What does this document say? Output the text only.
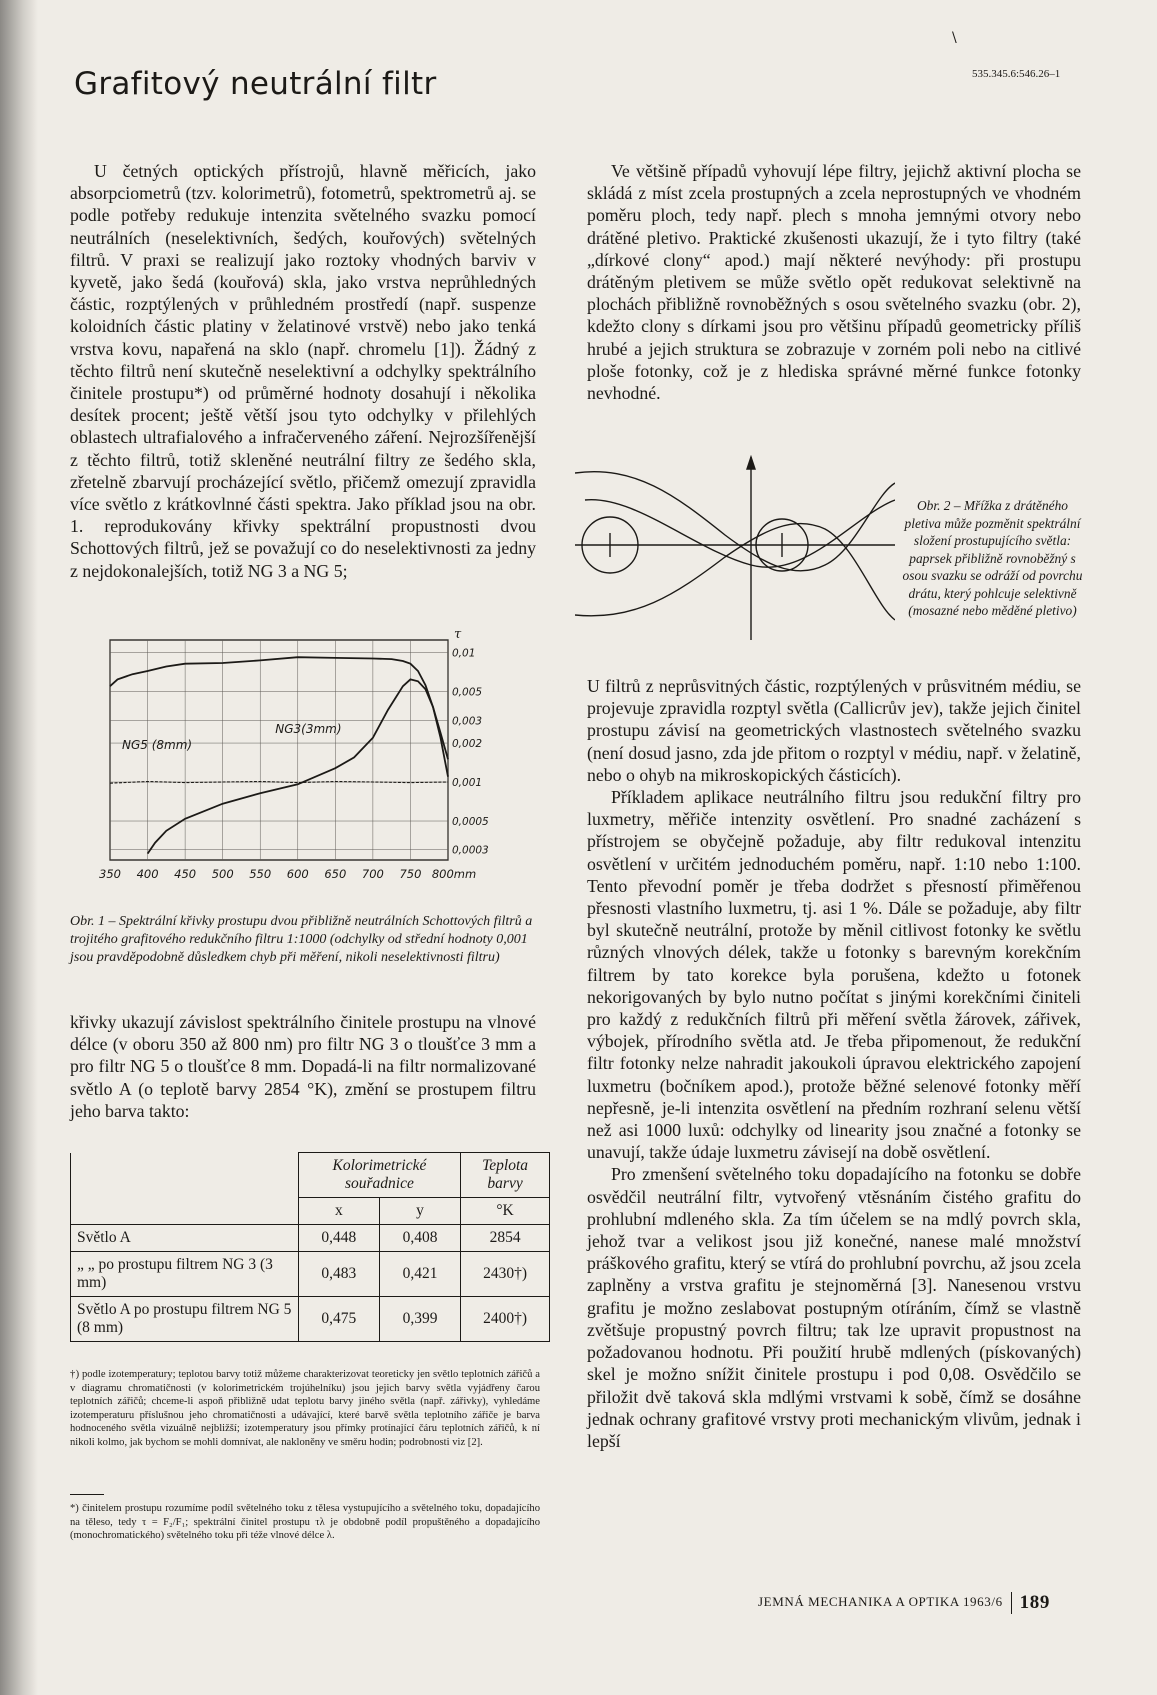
\
Grafitový neutrální filtr	535.345.6:546.26–1

U četných optických přístrojů, hlavně měřicích, jako absorpciometrů (tzv. kolorimetrů), fotometrů, spektrometrů aj. se podle potřeby redukuje intenzita světelného svazku pomocí neutrálních (neselektivních, šedých, kouřových) světelných filtrů. V praxi se realizují jako roztoky vhodných barviv v kyvetě, jako šedá (kouřová) skla, jako vrstva neprůhledných částic, rozptýlených v průhledném prostředí (např. suspenze koloidních částic platiny v želatinové vrstvě) nebo jako tenká vrstva kovu, napařená na sklo (např. chromelu [1]). Žádný z těchto filtrů není skutečně neselektivní a odchylky spektrálního činitele prostupu*) od průměrné hodnoty dosahují i několika desítek procent; ještě větší jsou tyto odchylky v přilehlých oblastech ultrafialového a infračerveného záření. Nejrozšířenější z těchto filtrů, totiž skleněné neutrální filtry ze šedého skla, zřetelně zbarvují procházející světlo, přičemž omezují zpravidla více světlo z krátkovlnné části spektra. Jako příklad jsou na obr. 1. reprodukovány křivky spektrální propustnosti dvou Schottových filtrů, jež se považují co do neselektivnosti za jedny z nejdokonalejších, totiž NG 3 a NG 5;

350 400 450 500 550 600 650 700 750 800mm
0,01
0,005
0,003
0,002
0,001
0,0005
0,0003
τ
NG5 (8mm)
NG3(3mm)
Obr. 1 – Spektrální křivky prostupu dvou přibližně neutrálních Schottových filtrů a trojitého grafitového redukčního filtru 1:1000 (odchylky od střední hodnoty 0,001 jsou pravděpodobně důsledkem chyb při měření, nikoli neselektivnosti filtru)

křivky ukazují závislost spektrálního činitele prostupu na vlnové délce (v oboru 350 až 800 nm) pro filtr NG 3 o tloušťce 3 mm a pro filtr NG 5 o tloušťce 8 mm. Dopadá-li na filtr normalizované světlo A (o teplotě barvy 2854 °K), změní se prostupem filtru jeho barva takto:

	Kolorimetrické souřadnice		Teplota barvy
	x	y	°K
Světlo A	0,448	0,408	2854
„ „ po prostupu filtrem NG 3 (3 mm)	0,483	0,421	2430†)
Světlo A po prostupu filtrem NG 5 (8 mm)	0,475	0,399	2400†)
†) podle izotemperatury; teplotou barvy totiž můžeme charakterizovat teoreticky jen světlo teplotních zářičů a v diagramu chromatičnosti (v kolorimetrickém trojúhelníku) jsou jejich barvy světla vyjádřeny čarou teplotních zářičů; chceme-li aspoň přibližně udat teplotu barvy jiného světla (např. zářivky), vyhledáme izotemperaturu příslušnou jeho chromatičnosti a udávající, které barvě světla teplotního zářiče je barva hodnoceného světla vizuálně nejbližší; izotemperatury jsou přímky protínající čáru teplotních zářičů, k ní nikoli kolmo, jak bychom se mohli domnívat, ale nakloněny ve směru hodin; podrobnosti viz [2].
*) činitelem prostupu rozumíme podíl světelného toku z tělesa vystupujícího a světelného toku, dopadajícího na těleso, tedy τ = F₂/F₁; spektrální činitel prostupu τλ je obdobně podíl propuštěného a dopadajícího (monochromatického) světelného toku při téže vlnové délce λ.

Ve většině případů vyhovují lépe filtry, jejichž aktivní plocha se skládá z míst zcela prostupných a zcela neprostupných ve vhodném poměru ploch, tedy např. plech s mnoha jemnými otvory nebo drátěné pletivo. Praktické zkušenosti ukazují, že i tyto filtry (také „dírkové clony“ apod.) mají některé nevýhody: při prostupu drátěným pletivem se může světlo opět redukovat selektivně na plochách přibližně rovnoběžných s osou světelného svazku (obr. 2), kdežto clony s dírkami jsou pro většinu případů geometricky příliš hrubé a jejich struktura se zobrazuje v zorném poli nebo na citlivé ploše fotonky, což je z hlediska správné měrné funkce fotonky nevhodné.

Obr. 2 – Mřížka z drátěného pletiva může pozměnit spektrální složení prostupujícího světla: paprsek přibližně rovnoběžný s osou svazku se odráží od povrchu drátu, který pohlcuje selektivně (mosazné nebo měděné pletivo)

U filtrů z neprůsvitných částic, rozptýlených v průsvitném médiu, se projevuje zpravidla rozptyl světla (Callicrův jev), takže jejich činitel prostupu závisí na geometrických vlastnostech světelného svazku (není dosud jasno, zda jde přitom o rozptyl v médiu, např. v želatině, nebo o ohyb na mikroskopických částicích).

Příkladem aplikace neutrálního filtru jsou redukční filtry pro luxmetry, měřiče intenzity osvětlení. Pro snadné zacházení s přístrojem se obyčejně požaduje, aby filtr redukoval intenzitu osvětlení v určitém jednoduchém poměru, např. 1:10 nebo 1:100. Tento převodní poměr je třeba dodržet s přesností přiměřenou přesnosti vlastního luxmetru, tj. asi 1 %. Dále se požaduje, aby filtr byl skutečně neutrální, protože by měnil citlivost fotonky ke světlu různých vlnových délek, takže u fotonky s barevným korekčním filtrem by tato korekce byla porušena, kdežto u fotonek nekorigovaných by bylo nutno počítat s jinými korekčními činiteli pro každý z redukčních filtrů při měření světla žárovek, zářivek, výbojek, přírodního světla atd. Je třeba připomenout, že redukční filtr fotonky nelze nahradit jakoukoli úpravou elektrického zapojení luxmetru (bočníkem apod.), protože běžné selenové fotonky měří nepřesně, je-li intenzita osvětlení na předním rozhraní selenu větší než asi 1000 luxů: odchylky od linearity jsou značné a fotonky se unavují, takže údaje luxmetru závisejí na době osvětlení.

Pro zmenšení světelného toku dopadajícího na fotonku se dobře osvědčil neutrální filtr, vytvořený vtěsnáním čistého grafitu do prohlubní mdleného skla. Za tím účelem se na mdlý povrch skla, jehož tvar a velikost jsou již konečné, nanese malé množství práškového grafitu, který se vtírá do prohlubní povrchu, až jsou zcela zaplněny a vrstva grafitu je stejnoměrná [3]. Nanesenou vrstvu grafitu je možno zeslabovat postupným otíráním, čímž se vlastně zvětšuje propustný povrch filtru; tak lze upravit propustnost na požadovanou hodnotu. Při použití hrubě mdlených (pískovaných) skel je možno snížit činitele prostupu i pod 0,08. Osvědčilo se přiložit dvě taková skla mdlými vrstvami k sobě, čímž se dosáhne jednak ochrany grafitové vrstvy proti mechanickým vlivům, jednak i lepší

JEMNÁ MECHANIKA A OPTIKA 1963/6 189
